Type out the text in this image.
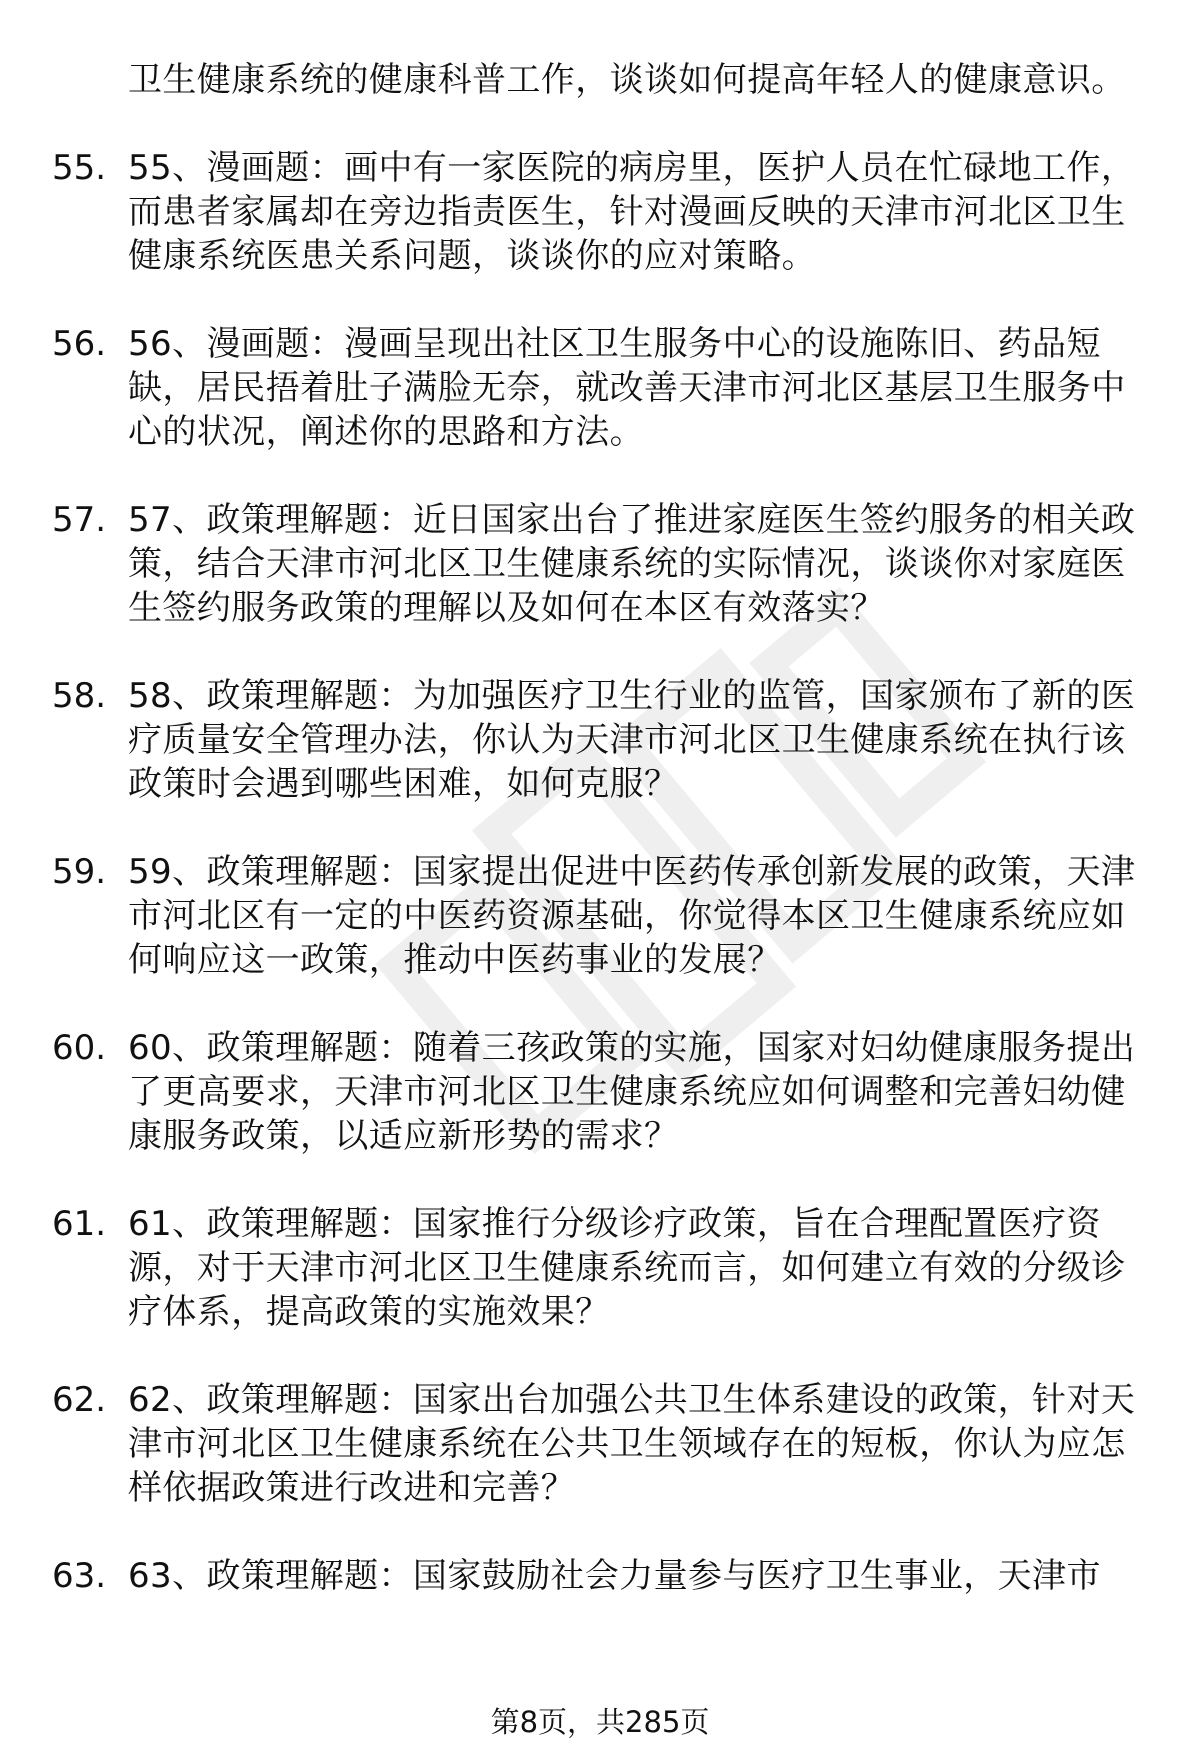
卫生健康系统的健康科普工作，谈谈如何提高年轻人的健康意识。
55. 55、漫画题：画中有一家医院的病房里，医护人员在忙碌地工作，而患者家属却在旁边指责医生，针对漫画反映的天津市河北区卫生健康系统医患关系问题，谈谈你的应对策略。
56. 56、漫画题：漫画呈现出社区卫生服务中心的设施陈旧、药品短缺，居民捂着肚子满脸无奈，就改善天津市河北区基层卫生服务中心的状况，阐述你的思路和方法。
57. 57、政策理解题：近日国家出台了推进家庭医生签约服务的相关政策，结合天津市河北区卫生健康系统的实际情况，谈谈你对家庭医生签约服务政策的理解以及如何在本区有效落实？
58. 58、政策理解题：为加强医疗卫生行业的监管，国家颁布了新的医疗质量安全管理办法，你认为天津市河北区卫生健康系统在执行该政策时会遇到哪些困难，如何克服？
59. 59、政策理解题：国家提出促进中医药传承创新发展的政策，天津市河北区有一定的中医药资源基础，你觉得本区卫生健康系统应如何响应这一政策，推动中医药事业的发展？
60. 60、政策理解题：随着三孩政策的实施，国家对妇幼健康服务提出了更高要求，天津市河北区卫生健康系统应如何调整和完善妇幼健康服务政策，以适应新形势的需求？
61. 61、政策理解题：国家推行分级诊疗政策，旨在合理配置医疗资源，对于天津市河北区卫生健康系统而言，如何建立有效的分级诊疗体系，提高政策的实施效果？
62. 62、政策理解题：国家出台加强公共卫生体系建设的政策，针对天津市河北区卫生健康系统在公共卫生领域存在的短板，你认为应怎样依据政策进行改进和完善？
63. 63、政策理解题：国家鼓励社会力量参与医疗卫生事业，天津市
第8页，共285页
